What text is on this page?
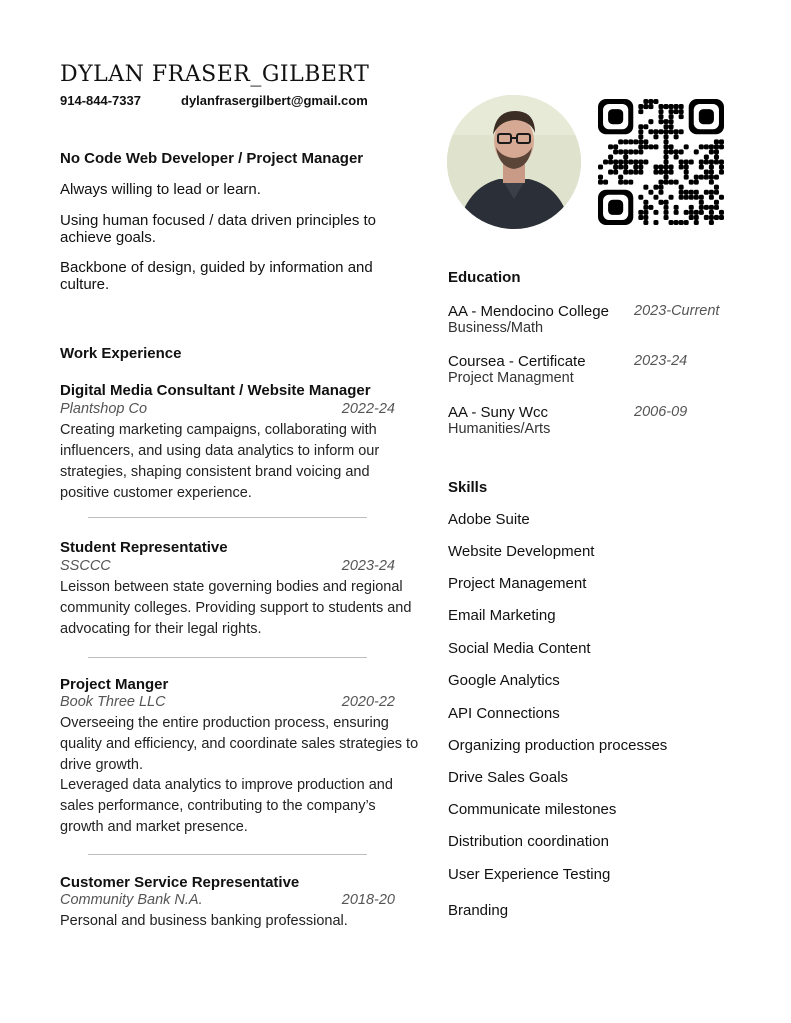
DYLAN FRASER_GILBERT
914-844-7337	dylanfrasergilbert@gmail.com
No Code Web Developer / Project Manager
Always willing to lead or learn.
Using human focused / data driven principles to achieve goals.
Backbone of design, guided by information and culture.
Work Experience
Digital Media Consultant / Website Manager
Plantshop Co	2022-24
Creating marketing campaigns, collaborating with influencers, and using data analytics to inform our strategies, shaping consistent brand voicing and positive customer experience.
Student Representative
SSCCC	2023-24
Leisson between state governing bodies and regional community colleges. Providing support to students and advocating for their legal rights.
Project Manger
Book Three LLC	2020-22
Overseeing the entire production process, ensuring quality and efficiency, and coordinate sales strategies to drive growth.
Leveraged data analytics to improve production and sales performance, contributing to the company’s growth and market presence.
Customer Service Representative
Community Bank N.A.	2018-20
Personal and business banking professional.
Education
AA - Mendocino College 2023-Current
Business/Math
Coursea - Certificate	2023-24
Project Managment
AA - Suny Wcc	2006-09
Humanities/Arts
Skills
Adobe Suite
Website Development
Project Management
Email Marketing
Social Media Content
Google Analytics
API Connections
Organizing production processes
Drive Sales Goals
Communicate milestones
Distribution coordination
User Experience Testing
Branding
